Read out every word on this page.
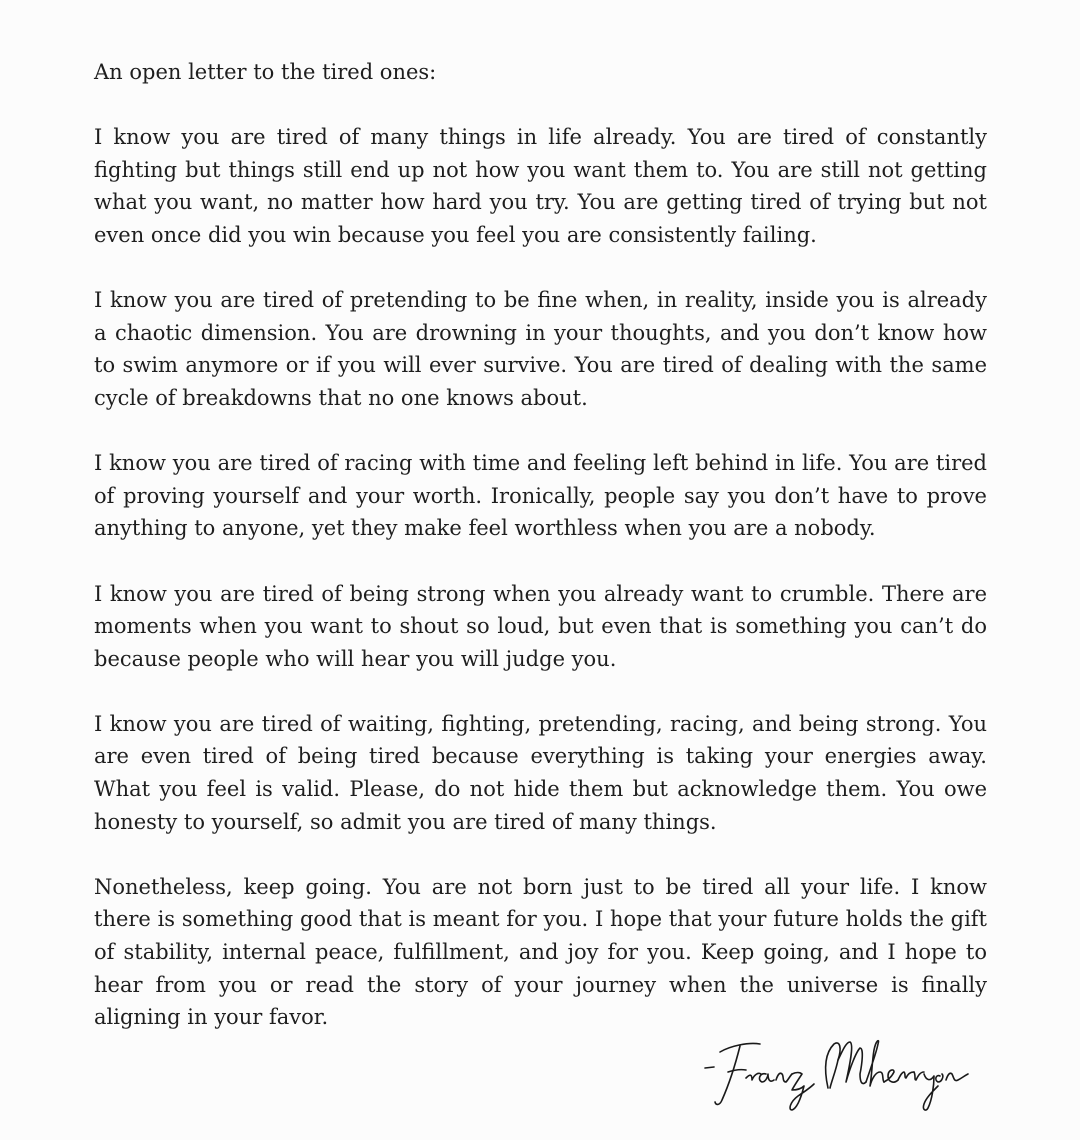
An open letter to the tired ones:

I know you are tired of many things in life already. You are tired of constantly fighting but things still end up not how you want them to. You are still not getting what you want, no matter how hard you try. You are getting tired of trying but not even once did you win because you feel you are consistently failing.

I know you are tired of pretending to be fine when, in reality, inside you is already a chaotic dimension. You are drowning in your thoughts, and you don’t know how to swim anymore or if you will ever survive. You are tired of dealing with the same cycle of breakdowns that no one knows about.

I know you are tired of racing with time and feeling left behind in life. You are tired of proving yourself and your worth. Ironically, people say you don’t have to prove anything to anyone, yet they make feel worthless when you are a nobody.

I know you are tired of being strong when you already want to crumble. There are moments when you want to shout so loud, but even that is something you can’t do because people who will hear you will judge you.

I know you are tired of waiting, fighting, pretending, racing, and being strong. You are even tired of being tired because everything is taking your energies away. What you feel is valid. Please, do not hide them but acknowledge them. You owe honesty to yourself, so admit you are tired of many things.

Nonetheless, keep going. You are not born just to be tired all your life. I know there is something good that is meant for you. I hope that your future holds the gift of stability, internal peace, fulfillment, and joy for you. Keep going, and I hope to hear from you or read the story of your journey when the universe is finally aligning in your favor.
